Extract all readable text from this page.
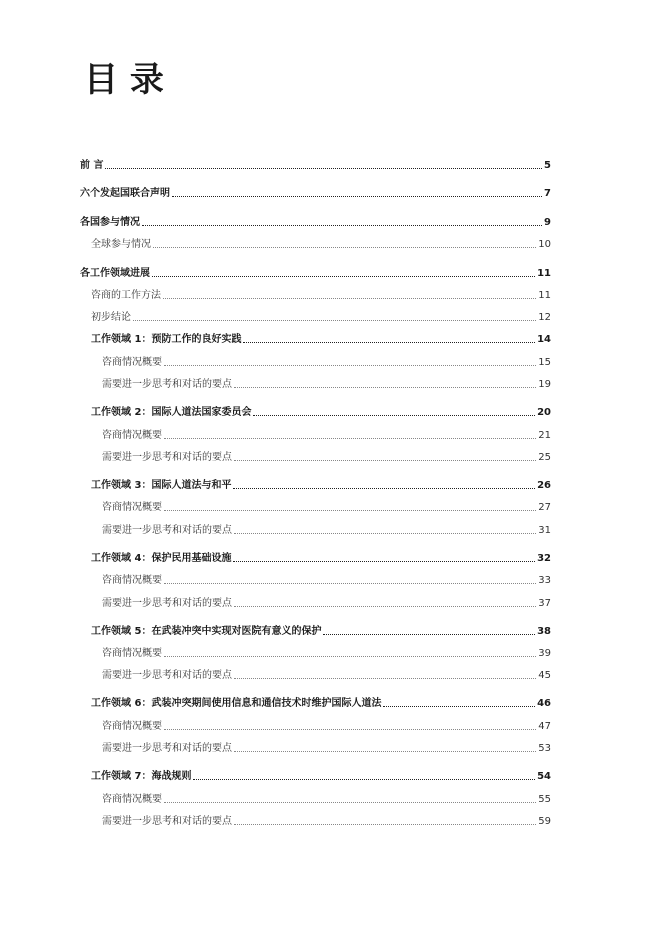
目 录
前 言	5
六个发起国联合声明	7
各国参与情况	9
全球参与情况	10
各工作领域进展	11
咨商的工作方法	11
初步结论	12
工作领域 1：预防工作的良好实践	14
咨商情况概要	15
需要进一步思考和对话的要点	19
工作领域 2：国际人道法国家委员会	20
咨商情况概要	21
需要进一步思考和对话的要点	25
工作领域 3：国际人道法与和平	26
咨商情况概要	27
需要进一步思考和对话的要点	31
工作领域 4：保护民用基础设施	32
咨商情况概要	33
需要进一步思考和对话的要点	37
工作领域 5：在武装冲突中实现对医院有意义的保护	38
咨商情况概要	39
需要进一步思考和对话的要点	45
工作领域 6：武装冲突期间使用信息和通信技术时维护国际人道法	46
咨商情况概要	47
需要进一步思考和对话的要点	53
工作领域 7：海战规则	54
咨商情况概要	55
需要进一步思考和对话的要点	59
